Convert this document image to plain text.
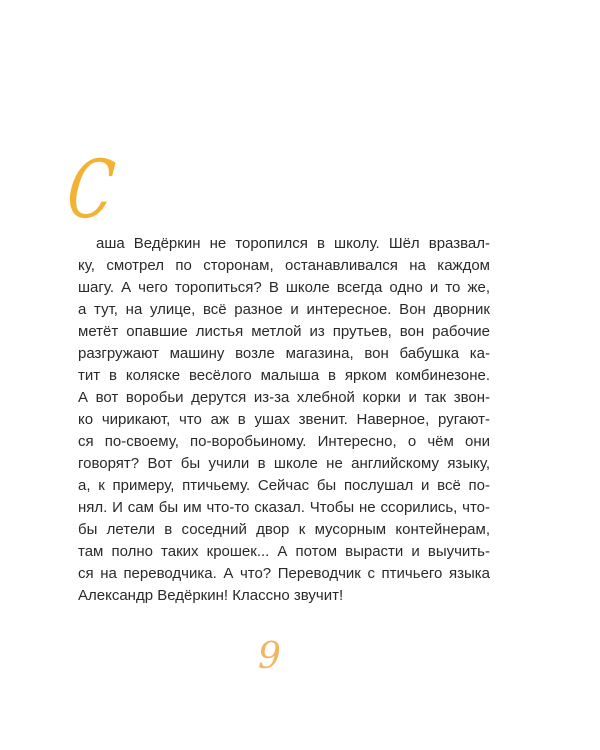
С
аша Ведёркин не торопился в школу. Шёл вразвал-
ку, смотрел по сторонам, останавливался на каждом
шагу. А чего торопиться? В школе всегда одно и то же,
а тут, на улице, всё разное и интересное. Вон дворник
метёт опавшие листья метлой из прутьев, вон рабочие
разгружают машину возле магазина, вон бабушка ка-
тит в коляске весёлого малыша в ярком комбинезоне.
А вот воробьи дерутся из-за хлебной корки и так звон-
ко чирикают, что аж в ушах звенит. Наверное, ругают-
ся по-своему, по-воробьиному. Интересно, о чём они
говорят? Вот бы учили в школе не английскому языку,
а, к примеру, птичьему. Сейчас бы послушал и всё по-
нял. И сам бы им что-то сказал. Чтобы не ссорились, что-
бы летели в соседний двор к мусорным контейнерам,
там полно таких крошек... А потом вырасти и выучить-
ся на переводчика. А что? Переводчик с птичьего языка
Александр Ведёркин! Классно звучит!
9
